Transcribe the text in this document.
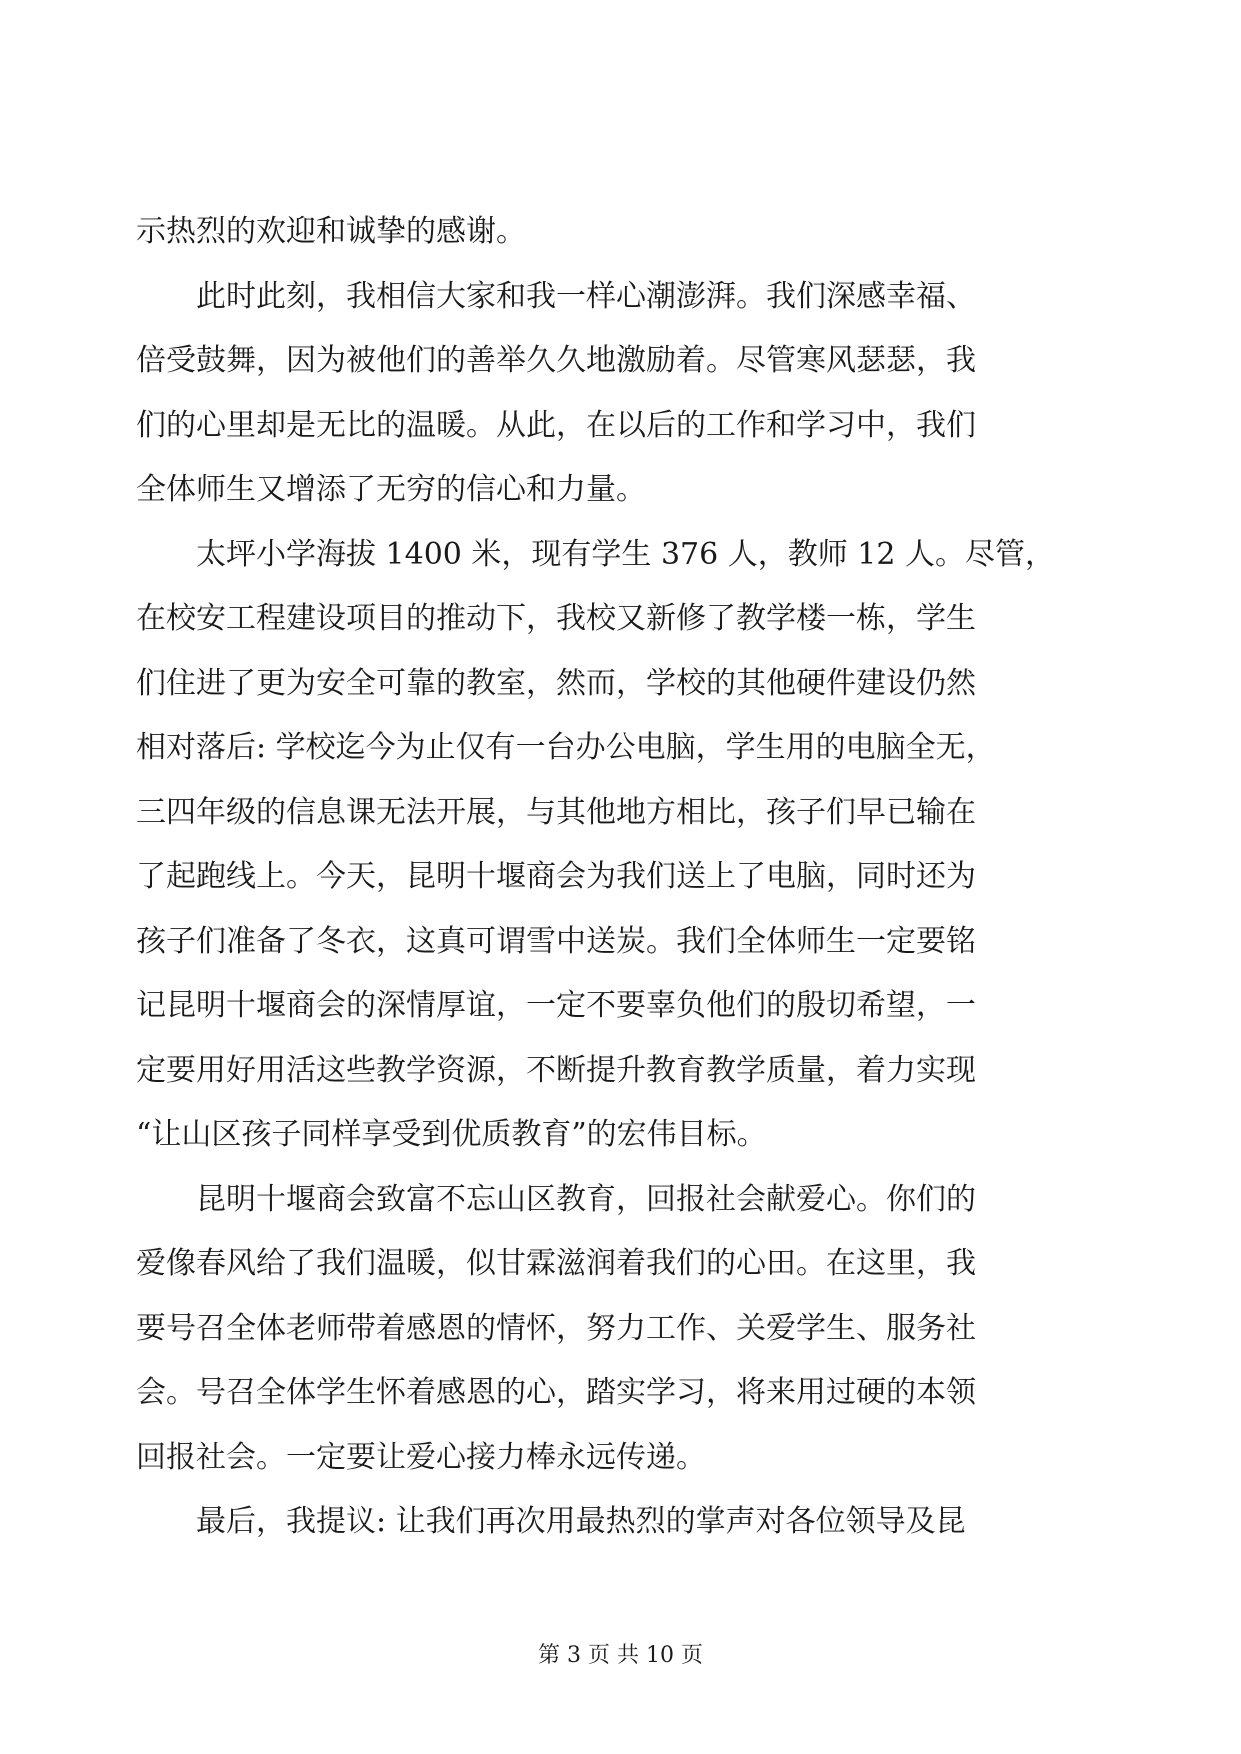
示热烈的欢迎和诚挚的感谢。
　　此时此刻，我相信大家和我一样心潮澎湃。我们深感幸福、
倍受鼓舞，因为被他们的善举久久地激励着。尽管寒风瑟瑟，我
们的心里却是无比的温暖。从此，在以后的工作和学习中，我们
全体师生又增添了无穷的信心和力量。
　　太坪小学海拔 1400 米，现有学生 376 人，教师 12 人。尽管，
在校安工程建设项目的推动下，我校又新修了教学楼一栋，学生
们住进了更为安全可靠的教室，然而，学校的其他硬件建设仍然
相对落后: 学校迄今为止仅有一台办公电脑，学生用的电脑全无，
三四年级的信息课无法开展，与其他地方相比，孩子们早已输在
了起跑线上。今天，昆明十堰商会为我们送上了电脑，同时还为
孩子们准备了冬衣，这真可谓雪中送炭。我们全体师生一定要铭
记昆明十堰商会的深情厚谊，一定不要辜负他们的殷切希望，一
定要用好用活这些教学资源，不断提升教育教学质量，着力实现
“让山区孩子同样享受到优质教育”的宏伟目标。
　　昆明十堰商会致富不忘山区教育，回报社会献爱心。你们的
爱像春风给了我们温暖，似甘霖滋润着我们的心田。在这里，我
要号召全体老师带着感恩的情怀，努力工作、关爱学生、服务社
会。号召全体学生怀着感恩的心，踏实学习，将来用过硬的本领
回报社会。一定要让爱心接力棒永远传递。
　　最后，我提议: 让我们再次用最热烈的掌声对各位领导及昆
第 3 页 共 10 页
